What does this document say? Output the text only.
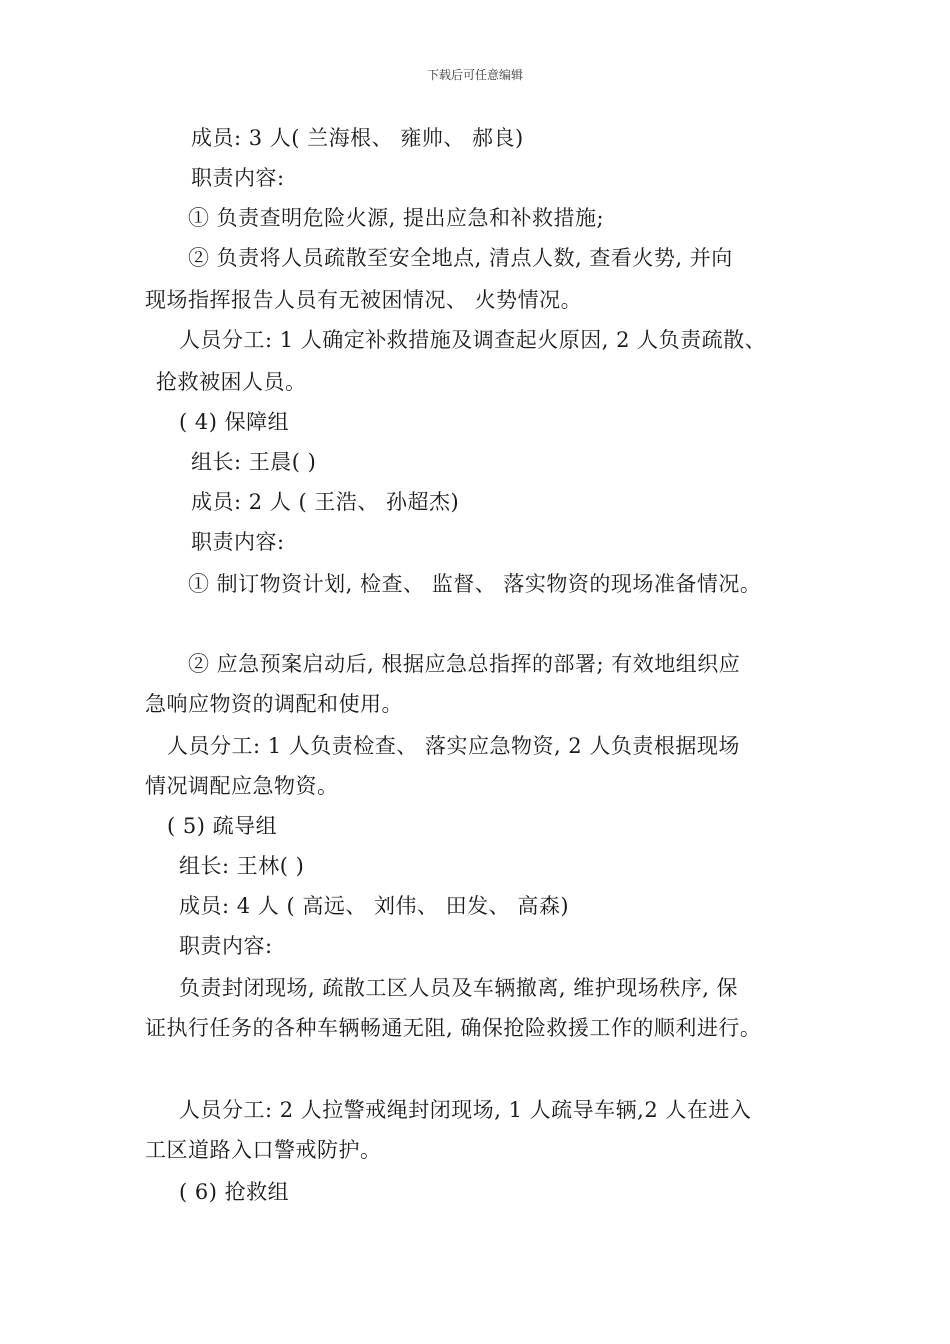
下载后可任意编辑
成员: 3 人( 兰海根、 雍帅、 郝良)
职责内容:
① 负责查明危险火源, 提出应急和补救措施;
② 负责将人员疏散至安全地点, 清点人数, 查看火势, 并向
现场指挥报告人员有无被困情况、 火势情况。
人员分工: 1 人确定补救措施及调查起火原因, 2 人负责疏散、
抢救被困人员。
( 4) 保障组
组长: 王晨( )
成员: 2 人 ( 王浩、 孙超杰)
职责内容:
① 制订物资计划, 检查、 监督、 落实物资的现场准备情况。
② 应急预案启动后, 根据应急总指挥的部署; 有效地组织应
急响应物资的调配和使用。
人员分工: 1 人负责检查、 落实应急物资, 2 人负责根据现场
情况调配应急物资。
( 5) 疏导组
组长: 王林( )
成员: 4 人 ( 高远、 刘伟、 田发、 高森)
职责内容:
负责封闭现场, 疏散工区人员及车辆撤离, 维护现场秩序, 保
证执行任务的各种车辆畅通无阻, 确保抢险救援工作的顺利进行。
人员分工: 2 人拉警戒绳封闭现场, 1 人疏导车辆,2 人在进入
工区道路入口警戒防护。
( 6) 抢救组
